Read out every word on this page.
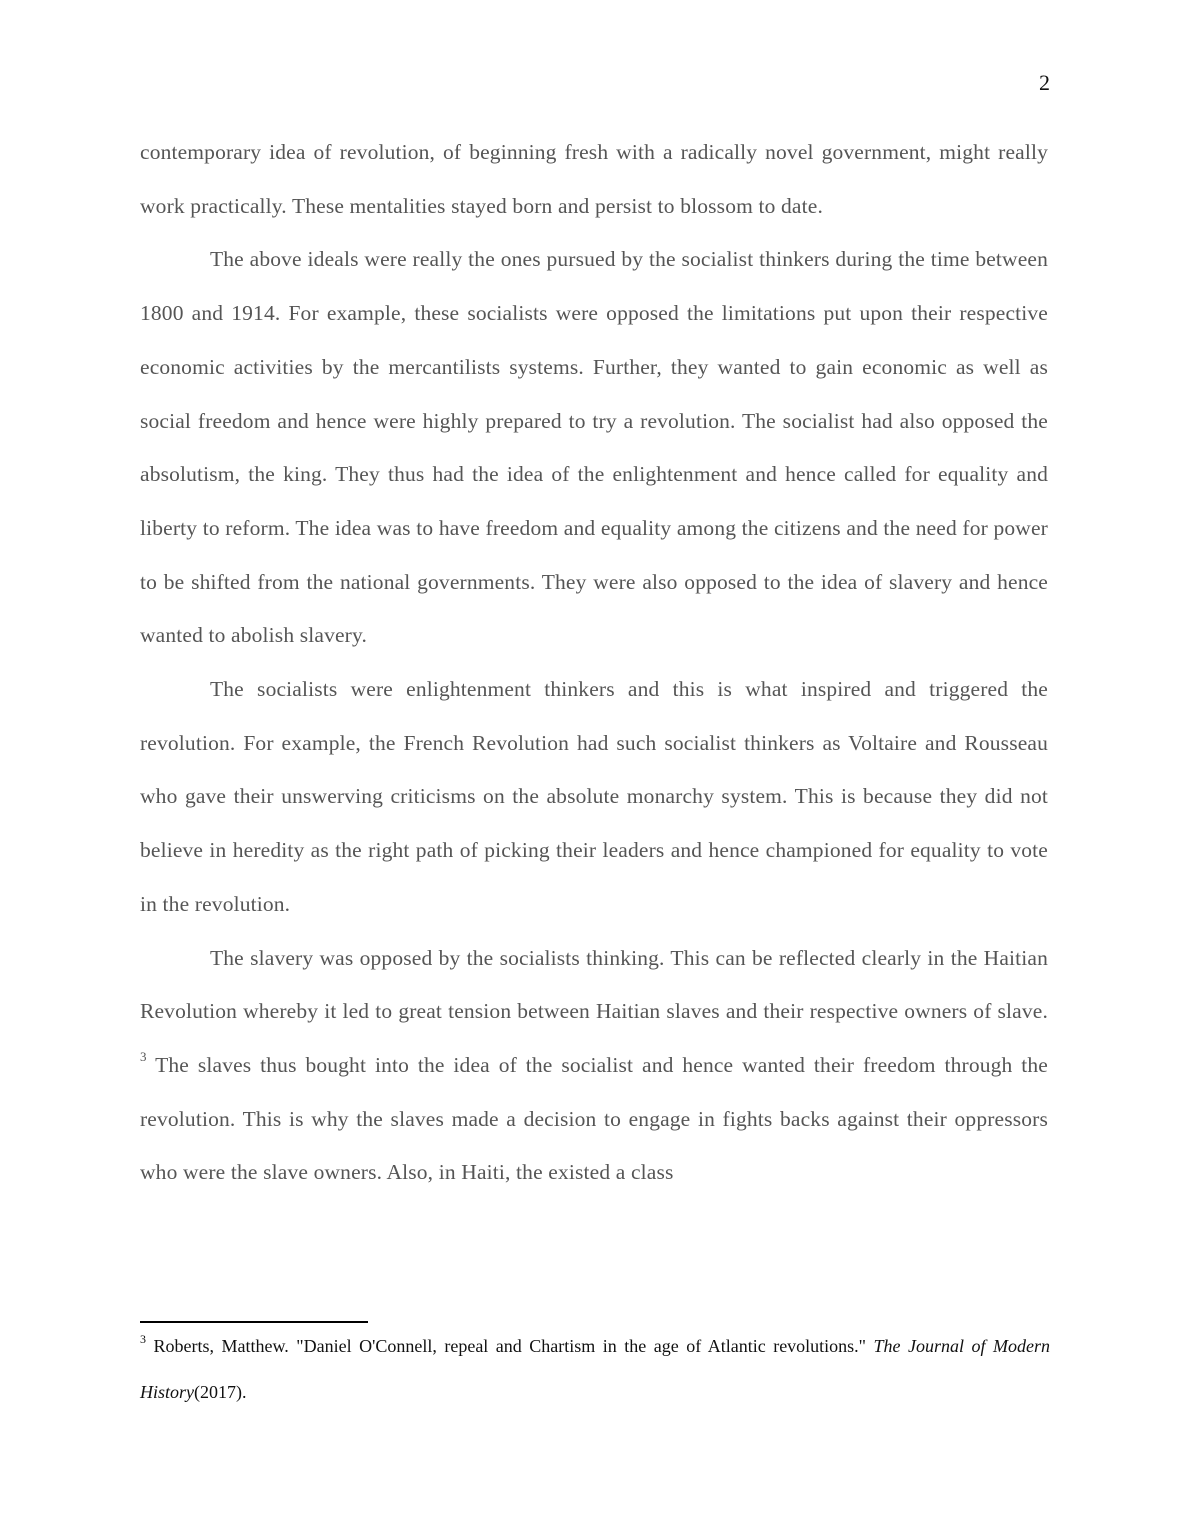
2

contemporary idea of revolution, of beginning fresh with a radically novel government, might really work practically. These mentalities stayed born and persist to blossom to date.

The above ideals were really the ones pursued by the socialist thinkers during the time between 1800 and 1914. For example, these socialists were opposed the limitations put upon their respective economic activities by the mercantilists systems. Further, they wanted to gain economic as well as social freedom and hence were highly prepared to try a revolution. The socialist had also opposed the absolutism, the king. They thus had the idea of the enlightenment and hence called for equality and liberty to reform. The idea was to have freedom and equality among the citizens and the need for power to be shifted from the national governments. They were also opposed to the idea of slavery and hence wanted to abolish slavery.

The socialists were enlightenment thinkers and this is what inspired and triggered the revolution. For example, the French Revolution had such socialist thinkers as Voltaire and Rousseau who gave their unswerving criticisms on the absolute monarchy system. This is because they did not believe in heredity as the right path of picking their leaders and hence championed for equality to vote in the revolution.

The slavery was opposed by the socialists thinking. This can be reflected clearly in the Haitian Revolution whereby it led to great tension between Haitian slaves and their respective owners of slave. $^3$ The slaves thus bought into the idea of the socialist and hence wanted their freedom through the revolution. This is why the slaves made a decision to engage in fights backs against their oppressors who were the slave owners. Also, in Haiti, the existed a class

$^3$ Roberts, Matthew. "Daniel O'Connell, repeal and Chartism in the age of Atlantic revolutions." The Journal of Modern History(2017).
